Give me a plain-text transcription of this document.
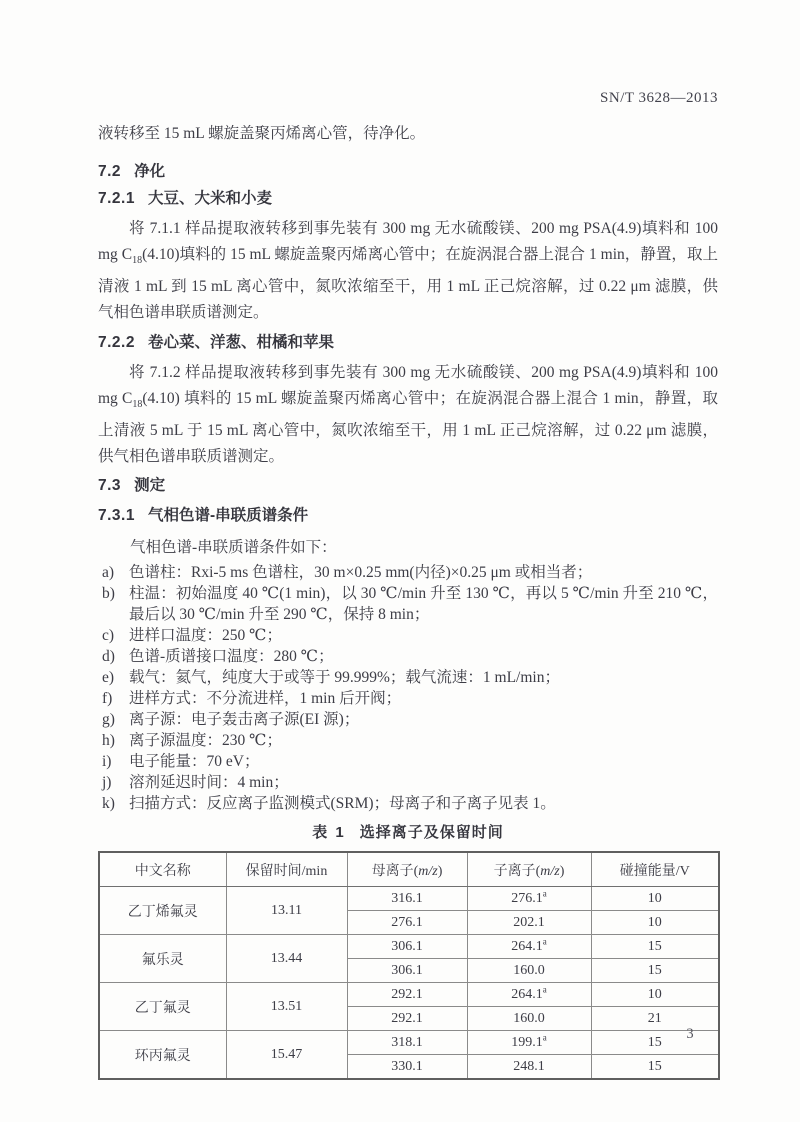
SN/T 3628—2013

液转移至 15 mL 螺旋盖聚丙烯离心管，待净化。

7.2 净化
7.2.1 大豆、大米和小麦

将 7.1.1 样品提取液转移到事先装有 300 mg 无水硫酸镁、200 mg PSA(4.9)填料和 100 mg $C_{18}(4.10)$填料的 15 mL 螺旋盖聚丙烯离心管中；在旋涡混合器上混合 1 min，静置，取上清液 1 mL 到 15 mL 离心管中，氮吹浓缩至干，用 1 mL 正己烷溶解，过 0.22 μm 滤膜，供气相色谱串联质谱测定。

7.2.2 卷心菜、洋葱、柑橘和苹果

将 7.1.2 样品提取液转移到事先装有 300 mg 无水硫酸镁、200 mg PSA(4.9)填料和 100 mg $C_{18}(4.10)$ 填料的 15 mL 螺旋盖聚丙烯离心管中；在旋涡混合器上混合 1 min，静置，取上清液 5 mL 于 15 mL 离心管中，氮吹浓缩至干，用 1 mL 正己烷溶解，过 0.22 μm 滤膜，供气相色谱串联质谱测定。

7.3 测定
7.3.1 气相色谱-串联质谱条件
气相色谱-串联质谱条件如下：
a) 色谱柱：Rxi-5 ms 色谱柱，30 m×0.25 mm(内径)×0.25 μm 或相当者；
b) 柱温：初始温度 40 ℃(1 min)，以 30 ℃/min 升至 130 ℃，再以 5 ℃/min 升至 210 ℃，最后以 30 ℃/min 升至 290 ℃，保持 8 min；
c) 进样口温度：250 ℃；
d) 色谱-质谱接口温度：280 ℃；
e) 载气：氦气，纯度大于或等于 99.999%；载气流速：1 mL/min；
f)	进样方式：不分流进样，1 min 后开阀；
g) 离子源：电子轰击离子源(EI 源)；
h) 离子源温度：230 ℃；
i)	电子能量：70 eV；
j)	溶剂延迟时间：4 min；
k) 扫描方式：反应离子监测模式(SRM)；母离子和子离子见表 1。
表 1 选择离子及保留时间
中文名称	保留时间/min	母离子(m/z)	子离子(m/z)	碰撞能量/V
乙丁烯氟灵	13.11	316.1	276.1$^a$	10
		276.1	202.1	10
氟乐灵	13.44	306.1	264.1$^a$	15
		306.1	160.0	15
乙丁氟灵	13.51	292.1	264.1$^a$	10
		292.1	160.0	21
环丙氟灵	15.47	318.1	199.1$^a$	15
		330.1	248.1	15
3
